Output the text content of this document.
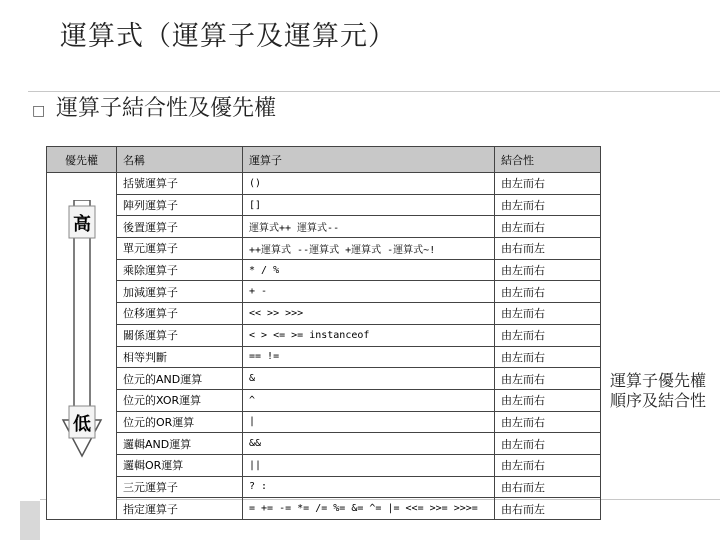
運算式（運算子及運算元）
□ 運算子結合性及優先權
優先權	名稱	運算子	結合性
	括號運算子	()	由左而右
	陣列運算子	[]	由左而右
	後置運算子	運算式++ 運算式--	由左而右
	單元運算子	++運算式 --運算式 +運算式 -運算式~!	由右而左
	乘除運算子	* / %	由左而右
	加減運算子	+ -	由左而右
	位移運算子	<< >> >>>	由左而右
	關係運算子	< > <= >= instanceof	由左而右
	相等判斷	== !=	由左而右
	位元的AND運算	&	由左而右
	位元的XOR運算	^	由左而右
	位元的OR運算	|	由左而右
	邏輯AND運算	&&	由左而右
	邏輯OR運算	||	由左而右
	三元運算子	? :	由右而左
	指定運算子	= += -= *= /= %= &= ^= |= <<= >>= >>>=	由右而左
高
低
運算子優先權順序及結合性
